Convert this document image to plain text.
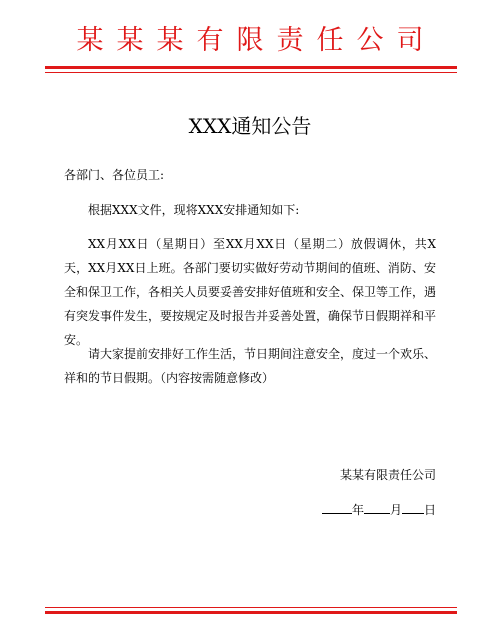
某某某有限责任公司
XXX通知公告
各部门、各位员工:

根据XXX文件，现将XXX安排通知如下:

XX月XX日（星期日）至XX月XX日（星期二）放假调休，共X天，XX月XX日上班。各部门要切实做好劳动节期间的值班、消防、安全和保卫工作，各相关人员要妥善安排好值班和安全、保卫等工作，遇有突发事件发生，要按规定及时报告并妥善处置，确保节日假期祥和平安。

请大家提前安排好工作生活，节日期间注意安全，度过一个欢乐、祥和的节日假期。（内容按需随意修改）

某某有限责任公司
年 月 日
